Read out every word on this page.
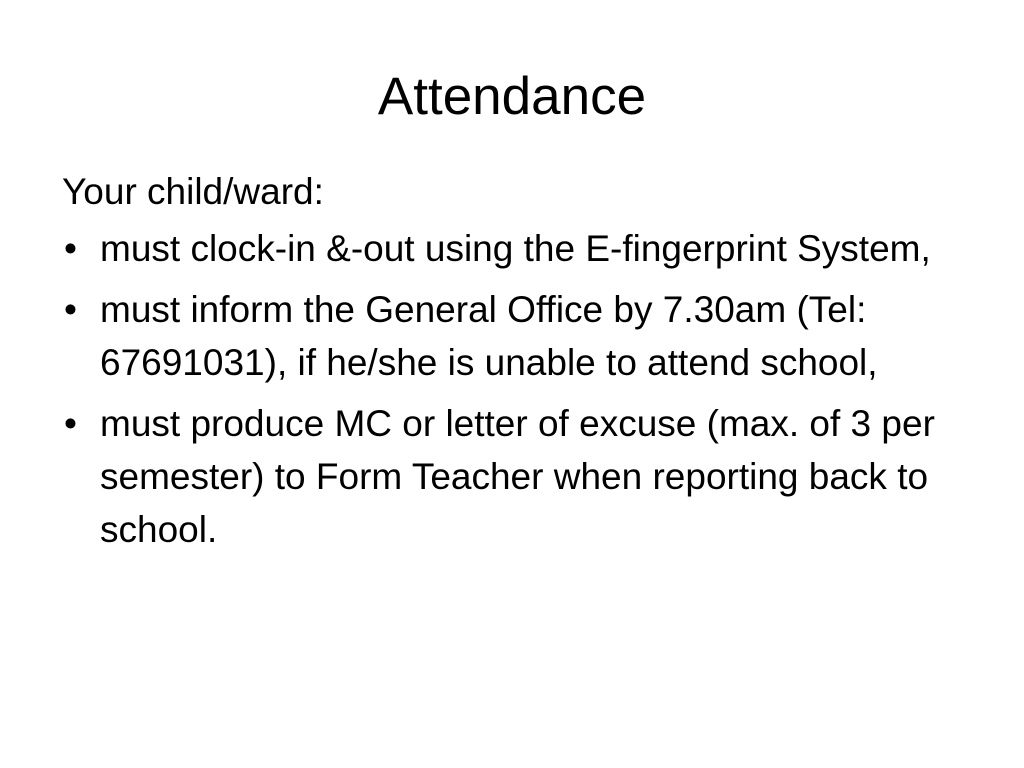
Attendance

Your child/ward:

• must clock-in &-out using the E-fingerprint System,
• must inform the General Office by 7.30am (Tel: 67691031), if he/she is unable to attend school,
• must produce MC or letter of excuse (max. of 3 per semester) to Form Teacher when reporting back to school.
